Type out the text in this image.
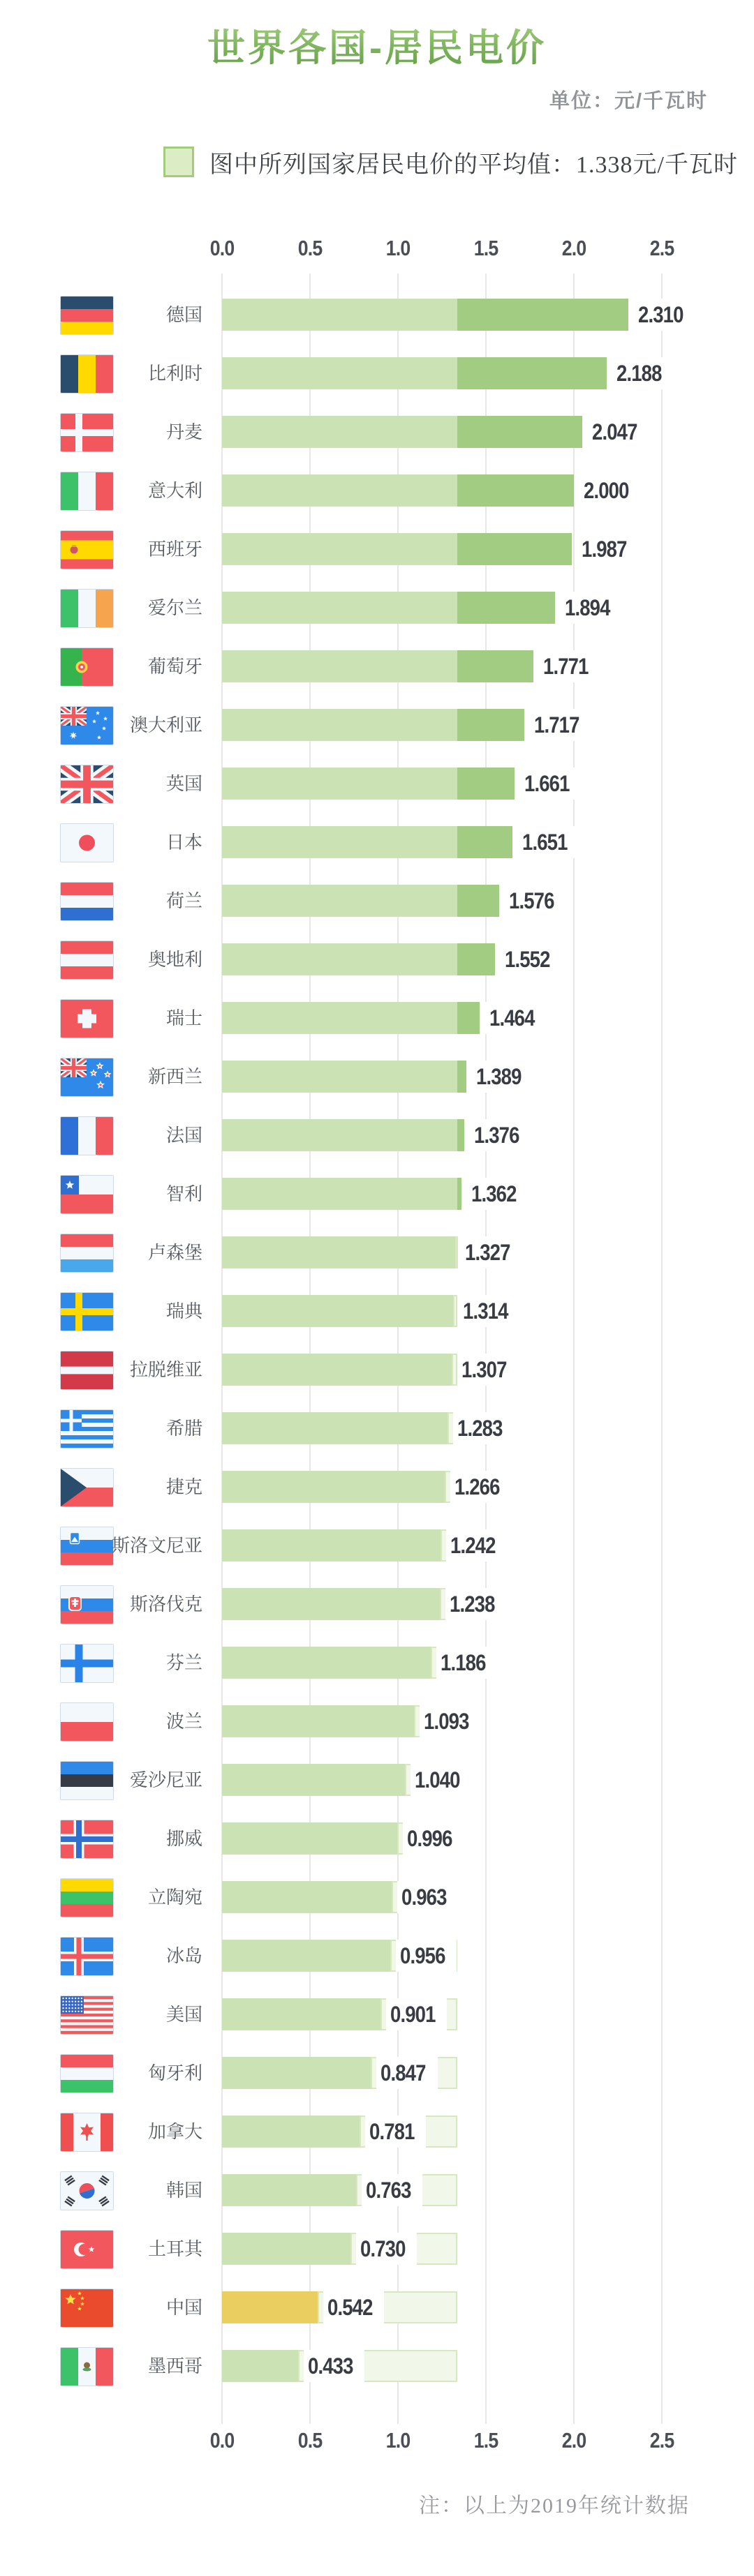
世界各国-居民电价
单位：元/千瓦时
图中所列国家居民电价的平均值：1.338元/千瓦时
0.0	0.5	1.0	1.5	2.0	2.5
德国	2.310
比利时	2.188
丹麦	2.047
意大利	2.000
西班牙	1.987
爱尔兰	1.894
葡萄牙	1.771
澳大利亚	1.717
英国	1.661
日本	1.651
荷兰	1.576
奥地利	1.552
瑞士	1.464
新西兰	1.389
法国	1.376
智利	1.362
卢森堡	1.327
瑞典	1.314
拉脱维亚	1.307
希腊	1.283
捷克	1.266
斯洛文尼亚	1.242
斯洛伐克	1.238
芬兰	1.186
波兰	1.093
爱沙尼亚	1.040
挪威	0.996
立陶宛	0.963
冰岛	0.956
美国	0.901
匈牙利	0.847
加拿大	0.781
韩国	0.763
土耳其	0.730
中国	0.542
墨西哥	0.433
0.0	0.5	1.0	1.5	2.0	2.5
注：以上为2019年统计数据
